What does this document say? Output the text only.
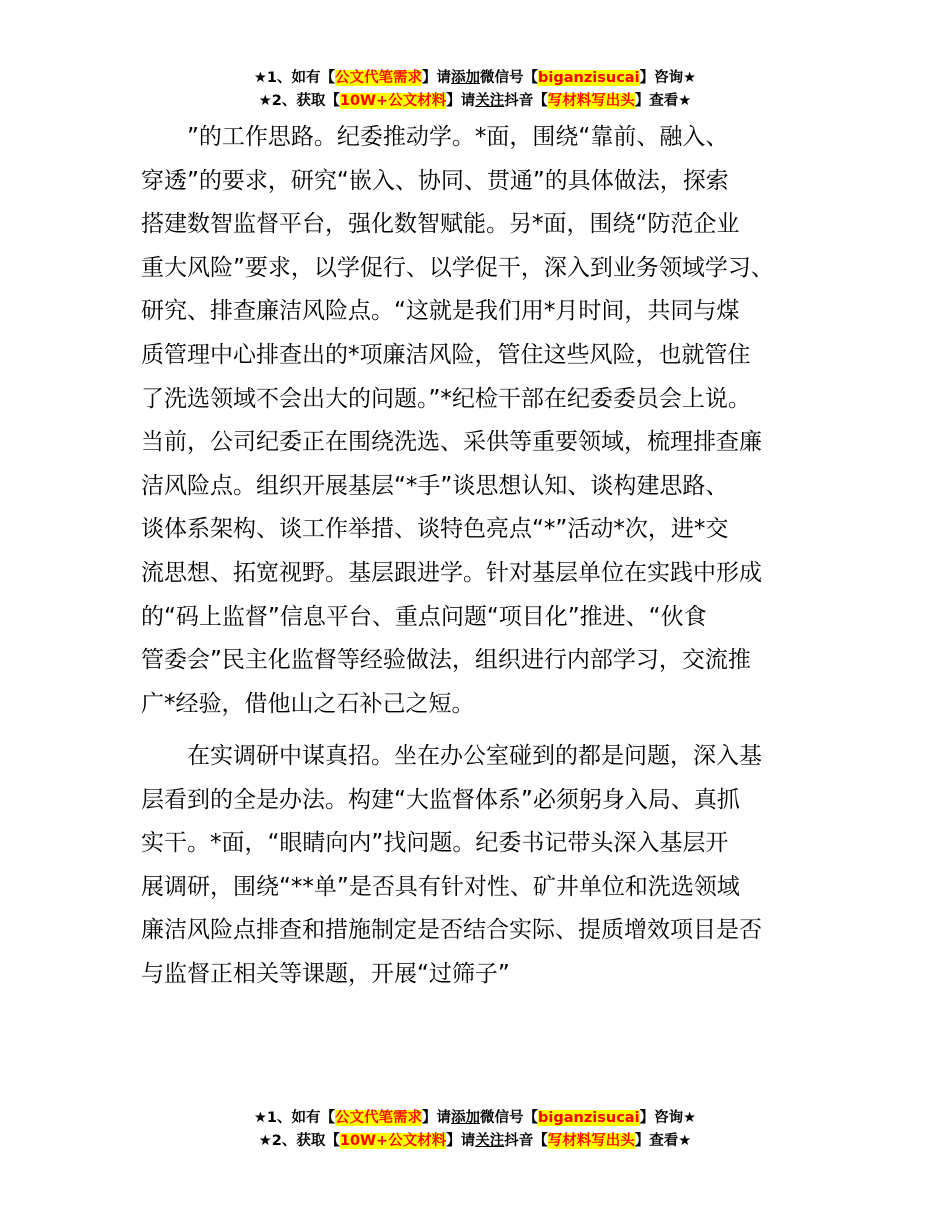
★1、如有【公文代笔需求】请添加微信号【biganzisucai】咨询★
★2、获取【10W+公文材料】请关注抖音【写材料写出头】查看★

”的工作思路。纪委推动学。*面，围绕“靠前、融入、

穿透”的要求，研究“嵌入、协同、贯通”的具体做法，探索

搭建数智监督平台，强化数智赋能。另*面，围绕“防范企业

重大风险”要求，以学促行、以学促干，深入到业务领域学习、

研究、排查廉洁风险点。“这就是我们用*月时间，共同与煤

质管理中心排查出的*项廉洁风险，管住这些风险，也就管住

了洗选领域不会出大的问题。”*纪检干部在纪委委员会上说。

当前，公司纪委正在围绕洗选、采供等重要领域，梳理排查廉

洁风险点。组织开展基层“*手”谈思想认知、谈构建思路、

谈体系架构、谈工作举措、谈特色亮点“*”活动*次，进*交

流思想、拓宽视野。基层跟进学。针对基层单位在实践中形成

的“码上监督”信息平台、重点问题“项目化”推进、“伙食

管委会”民主化监督等经验做法，组织进行内部学习，交流推

广*经验，借他山之石补己之短。

在实调研中谋真招。坐在办公室碰到的都是问题，深入基

层看到的全是办法。构建“大监督体系”必须躬身入局、真抓

实干。*面，“眼睛向内”找问题。纪委书记带头深入基层开

展调研，围绕“**单”是否具有针对性、矿井单位和洗选领域

廉洁风险点排查和措施制定是否结合实际、提质增效项目是否

与监督正相关等课题，开展“过筛子”

★1、如有【公文代笔需求】请添加微信号【biganzisucai】咨询★
★2、获取【10W+公文材料】请关注抖音【写材料写出头】查看★
